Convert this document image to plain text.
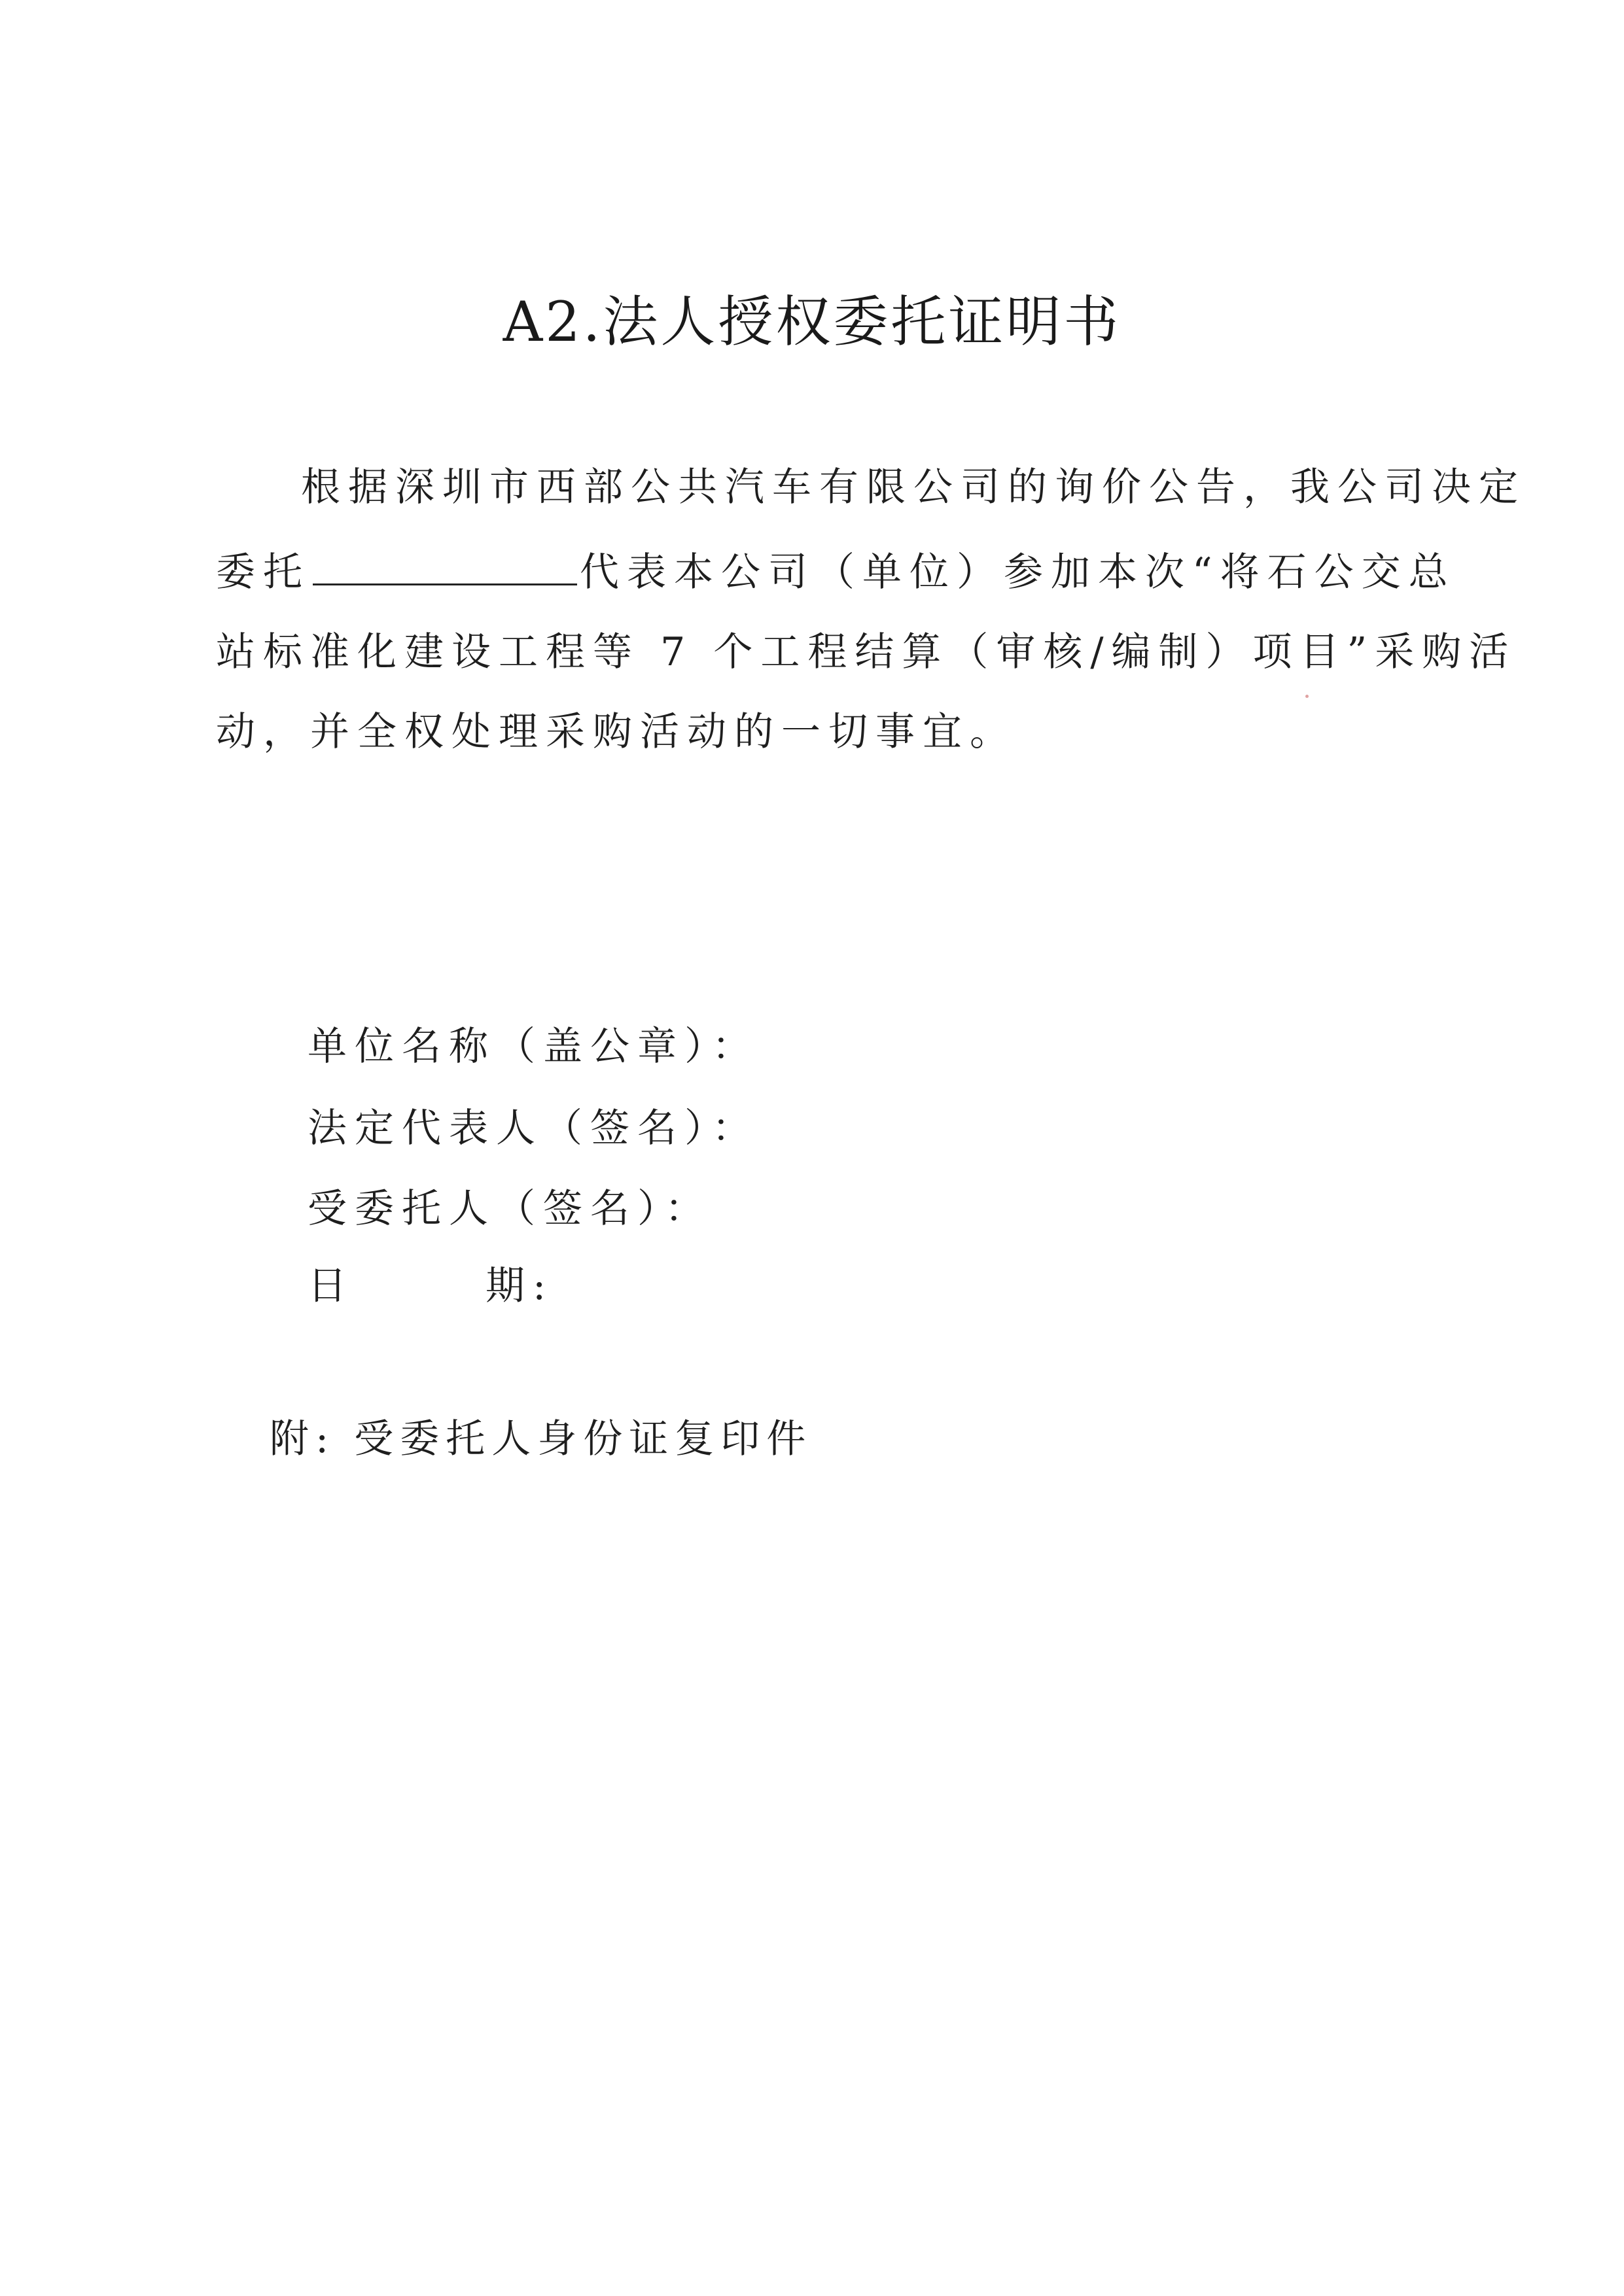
A2.法人授权委托证明书
根据深圳市西部公共汽车有限公司的询价公告，我公司决定
委托	代表本公司（单位）参加本次“将石公交总
站标准化建设工程等 7 个工程结算（审核/编制）项目”采购活
动，并全权处理采购活动的一切事宜。
单位名称（盖公章）：
法定代表人（签名）：
受委托人（签名）：
日	期:
附: 受委托人身份证复印件
